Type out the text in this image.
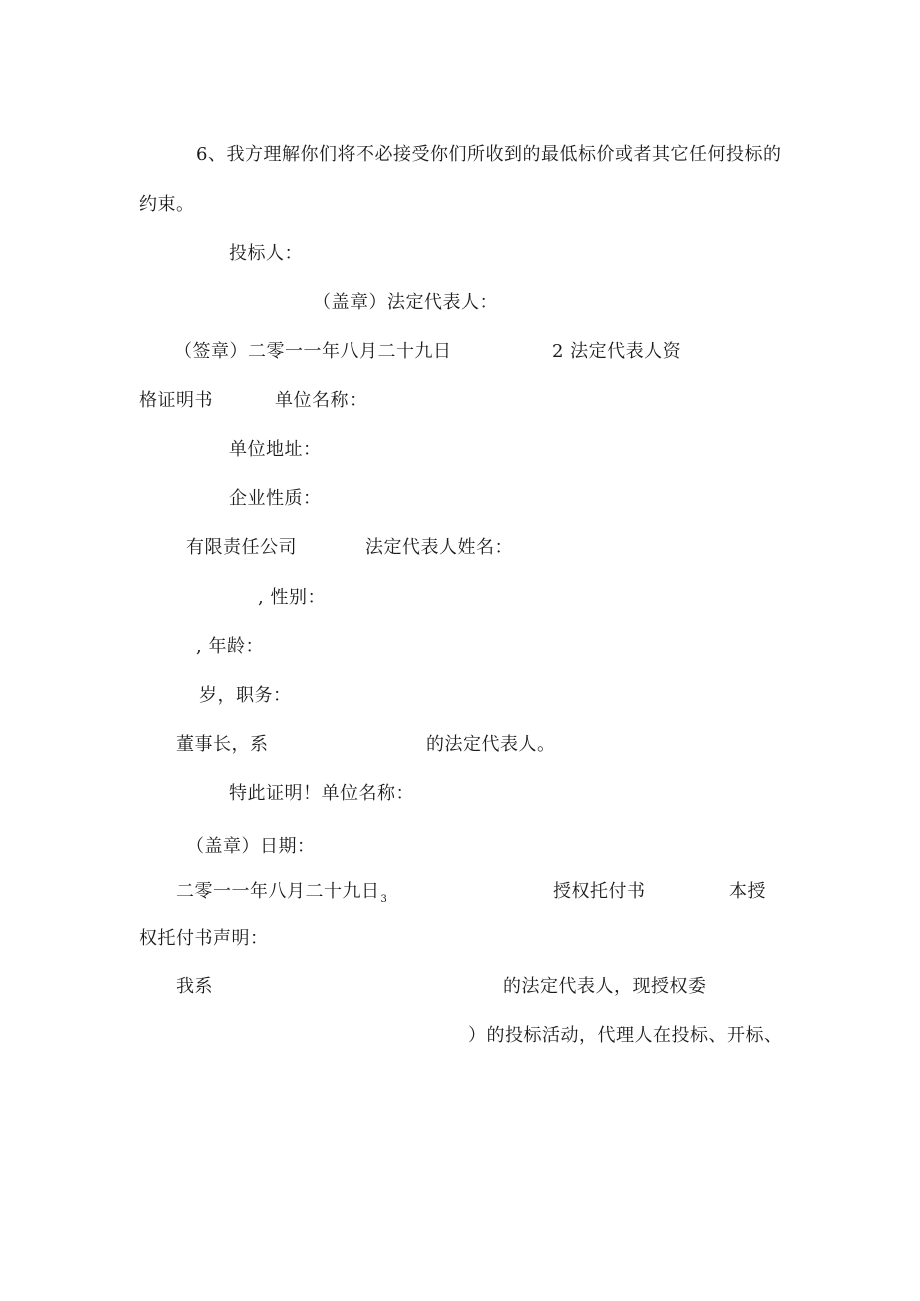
6、我方理解你们将不必接受你们所收到的最低标价或者其它任何投标的
约束。
投标人：
（盖章）法定代表人：
（签章）二零一一年八月二十九日	2 法定代表人资
格证明书	单位名称：
单位地址：
企业性质：
有限责任公司	法定代表人姓名：
, 性别：
, 年龄：
岁，职务：
董事长，系	的法定代表人。
特此证明！单位名称：
（盖章）日期：
二零一一年八月二十九日$_3$	授权托付书	本授
权托付书声明：
我系	的法定代表人，现授权委
）的投标活动，代理人在投标、开标、
